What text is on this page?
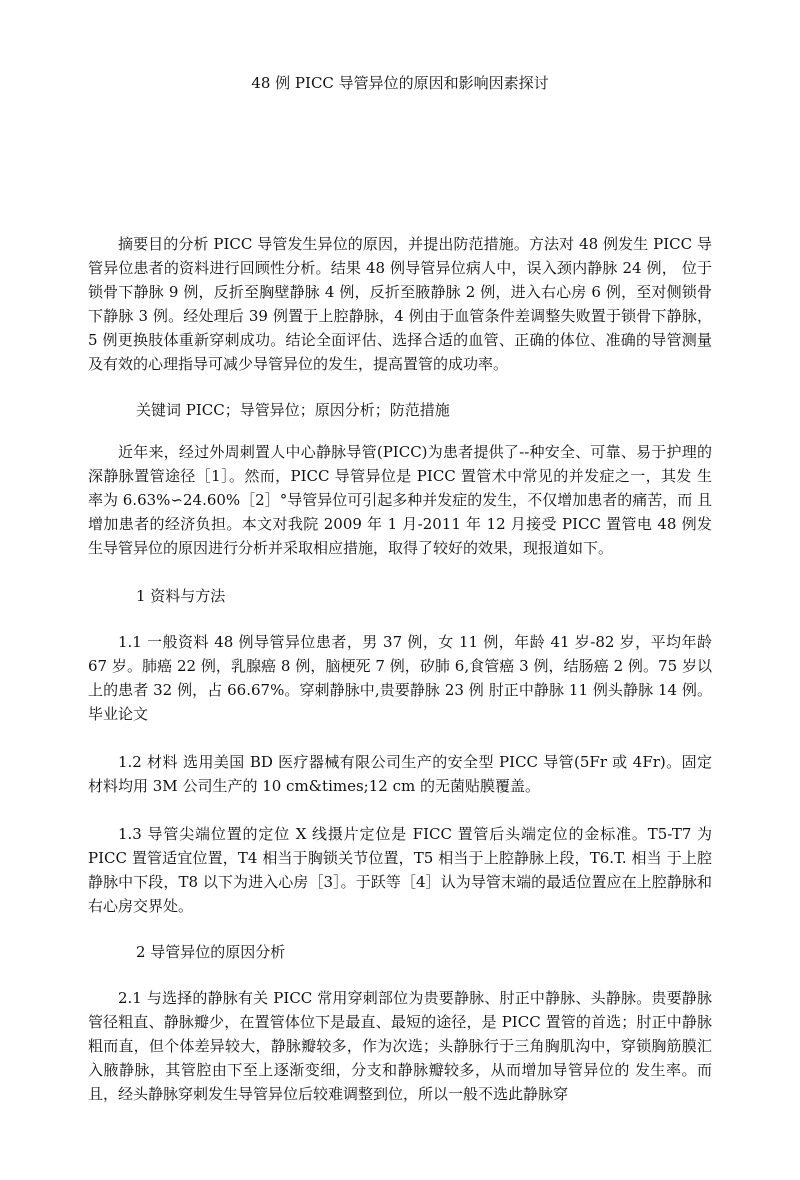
48 例 PICC 导管异位的原因和影响因素探讨

摘要目的分析 PICC 导管发生异位的原因，并提出防范措施。方法对 48 例发生 PICC 导管异位患者的资料进行回顾性分析。结果 48 例导管异位病人中，误入颈内静脉 24 例， 位于锁骨下静脉 9 例，反折至胸壁静脉 4 例，反折至腋静脉 2 例，进入右心房 6 例，至对侧锁骨下静脉 3 例。经处理后 39 例置于上腔静脉，4 例由于血管条件差调整失败置于锁骨下静脉，5 例更换肢体重新穿刺成功。结论全面评估、选择合适的血管、正确的体位、准确的导管测量及有效的心理指导可减少导管异位的发生，提高置管的成功率。

关键词 PICC；导管异位；原因分析；防范措施

近年来，经过外周刺置人中心静脉导管(PICC)为患者提供了--种安全、可靠、易于护理的深静脉置管途径［1］。然而，PICC 导管异位是 PICC 置管术中常见的并发症之一，其发 生率为 6.63%∽24.60%［2］°导管异位可引起多种并发症的发生，不仅增加患者的痛苦，而 且增加患者的经济负担。本文对我院 2009 年 1 月-2011 年 12 月接受 PICC 置管电 48 例发 生导管异位的原因进行分析并采取相应措施，取得了较好的效果，现报道如下。

1 资料与方法

1.1 一般资料 48 例导管异位患者，男 37 例，女 11 例，年龄 41 岁-82 岁，平均年龄 67 岁。肺癌 22 例，乳腺癌 8 例，脑梗死 7 例，矽肺 6,食管癌 3 例，结肠癌 2 例。75 岁以上的患者 32 例，占 66.67%。穿刺静脉中,贵要静脉 23 例 肘正中静脉 11 例头静脉 14 例。毕业论文

1.2 材料 选用美国 BD 医疗器械有限公司生产的安全型 PICC 导管(5Fr 或 4Fr)。固定材料均用 3M 公司生产的 10 cm&times;12 cm 的无菌贴膜覆盖。

1.3 导管尖端位置的定位 X 线摄片定位是 FICC 置管后头端定位的金标准。T5-T7 为 PICC 置管适宜位置，T4 相当于胸锁关节位置，T5 相当于上腔静脉上段，T6.T. 相当 于上腔静脉中下段，T8 以下为进入心房［3］。于跃等［4］认为导管末端的最适位置应在上腔静脉和右心房交界处。

2 导管异位的原因分析

2.1 与选择的静脉有关 PICC 常用穿刺部位为贵要静脉、肘正中静脉、头静脉。贵要静脉管径粗直、静脉瓣少，在置管体位下是最直、最短的途径，是 PICC 置管的首选；肘正中静脉粗而直，但个体差异较大，静脉瓣较多，作为次选；头静脉行于三角胸肌沟中，穿锁胸筋膜汇入腋静脉，其管腔由下至上逐渐变细，分支和静脉瓣较多，从而增加导管异位的 发生率。而且，经头静脉穿刺发生导管异位后较难调整到位，所以一般不选此静脉穿
